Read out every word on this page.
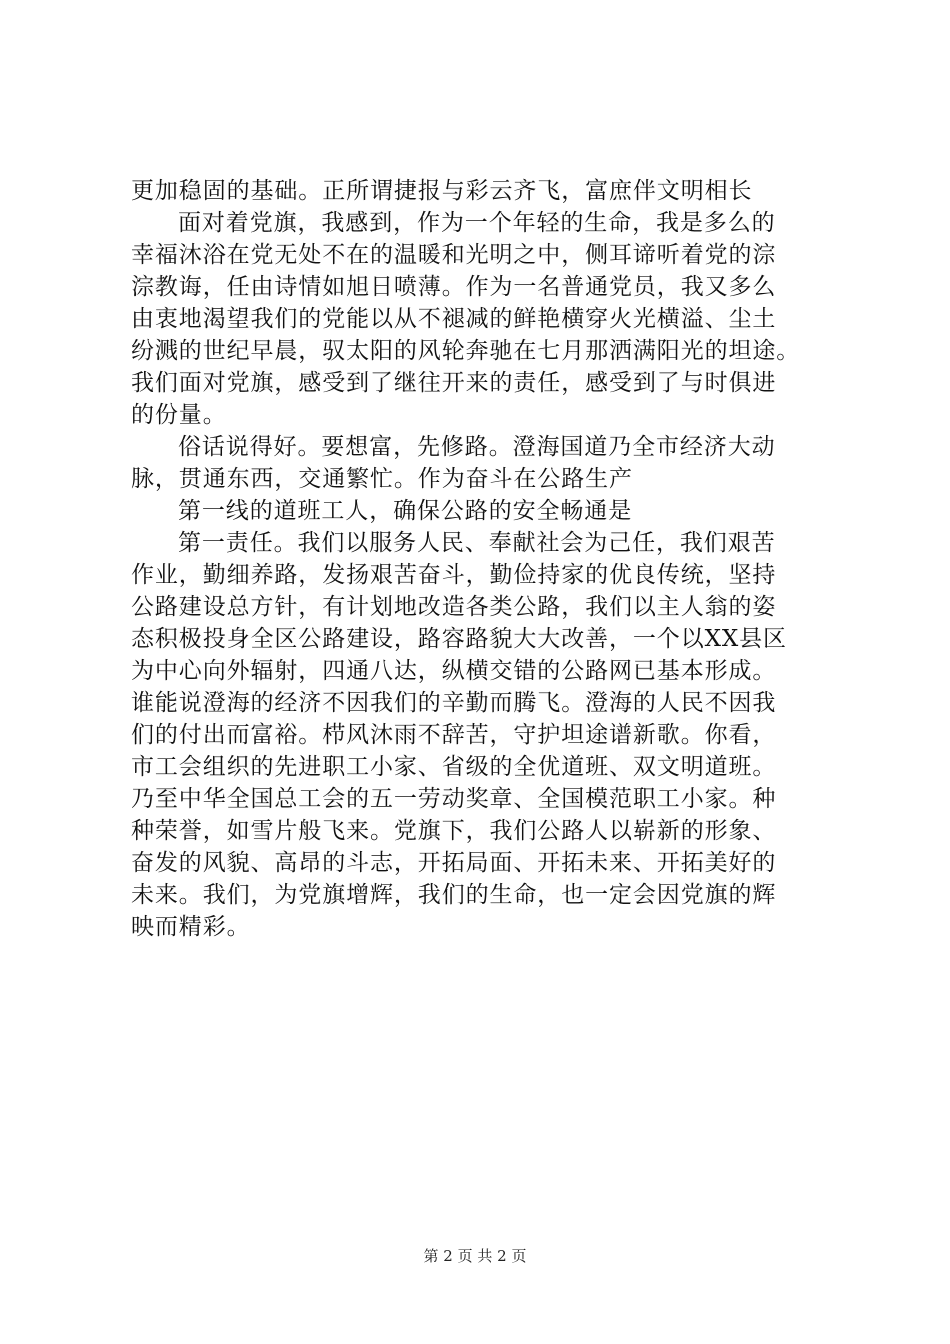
更加稳固的基础。正所谓捷报与彩云齐飞，富庶伴文明相长
面对着党旗，我感到，作为一个年轻的生命，我是多么的
幸福沐浴在党无处不在的温暖和光明之中，侧耳谛听着党的淙
淙教诲，任由诗情如旭日喷薄。作为一名普通党员，我又多么
由衷地渴望我们的党能以从不褪减的鲜艳横穿火光横溢、尘土
纷溅的世纪早晨，驭太阳的风轮奔驰在七月那洒满阳光的坦途。
我们面对党旗，感受到了继往开来的责任，感受到了与时俱进
的份量。
俗话说得好。要想富，先修路。澄海国道乃全市经济大动
脉，贯通东西，交通繁忙。作为奋斗在公路生产
第一线的道班工人，确保公路的安全畅通是
第一责任。我们以服务人民、奉献社会为己任，我们艰苦
作业，勤细养路，发扬艰苦奋斗，勤俭持家的优良传统，坚持
公路建设总方针，有计划地改造各类公路，我们以主人翁的姿
态积极投身全区公路建设，路容路貌大大改善，一个以XX县区
为中心向外辐射，四通八达，纵横交错的公路网已基本形成。
谁能说澄海的经济不因我们的辛勤而腾飞。澄海的人民不因我
们的付出而富裕。栉风沐雨不辞苦，守护坦途谱新歌。你看，
市工会组织的先进职工小家、省级的全优道班、双文明道班。
乃至中华全国总工会的五一劳动奖章、全国模范职工小家。种
种荣誉，如雪片般飞来。党旗下，我们公路人以崭新的形象、
奋发的风貌、高昂的斗志，开拓局面、开拓未来、开拓美好的
未来。我们，为党旗增辉，我们的生命，也一定会因党旗的辉
映而精彩。
第 2 页 共 2 页
